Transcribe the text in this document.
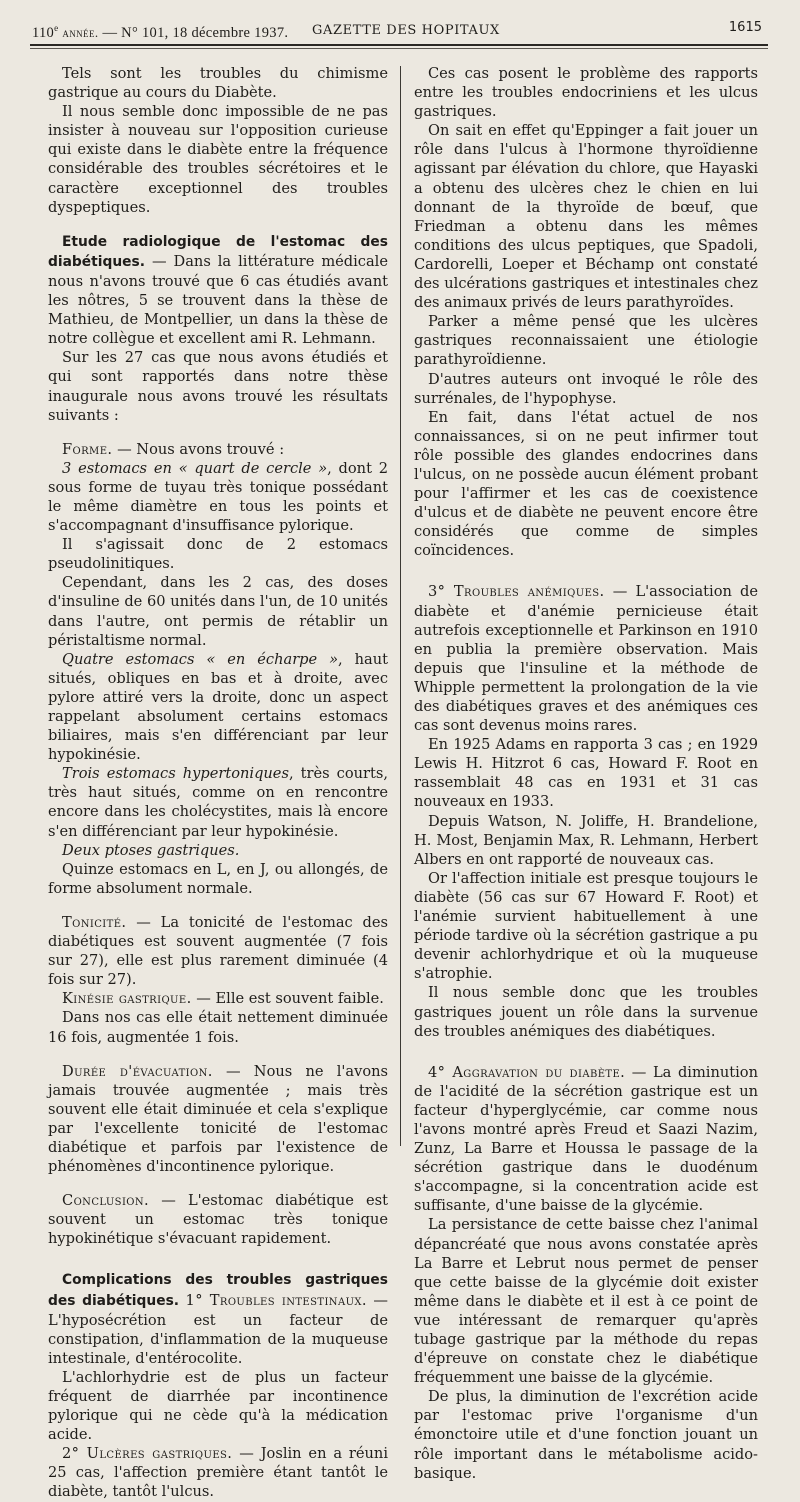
110e année. — N° 101, 18 décembre 1937. GAZETTE DES HOPITAUX	1615

Tels sont les troubles du chimisme gastrique au cours du Diabète.

Il nous semble donc impossible de ne pas insister à nouveau sur l'opposition curieuse qui existe dans le diabète entre la fréquence considérable des troubles sécrétoires et le caractère exceptionnel des troubles dyspeptiques.

Etude radiologique de l'estomac des diabétiques. — Dans la littérature médicale nous n'avons trouvé que 6 cas étudiés avant les nôtres, 5 se trouvent dans la thèse de Mathieu, de Montpellier, un dans la thèse de notre collègue et excellent ami R. Lehmann.

Sur les 27 cas que nous avons étudiés et qui sont rapportés dans notre thèse inaugurale nous avons trouvé les résultats suivants :

Forme. — Nous avons trouvé :

3 estomacs en « quart de cercle », dont 2 sous forme de tuyau très tonique possédant le même diamètre en tous les points et s'accompagnant d'insuffisance pylorique.

Il s'agissait donc de 2 estomacs pseudolinitiques.

Cependant, dans les 2 cas, des doses d'insuline de 60 unités dans l'un, de 10 unités dans l'autre, ont permis de rétablir un péristaltisme normal.

Quatre estomacs « en écharpe », haut situés, obliques en bas et à droite, avec pylore attiré vers la droite, donc un aspect rappelant absolument certains estomacs biliaires, mais s'en différenciant par leur hypokinésie.

Trois estomacs hypertoniques, très courts, très haut situés, comme on en rencontre encore dans les cholécystites, mais là encore s'en différenciant par leur hypokinésie.

Deux ptoses gastriques.

Quinze estomacs en L, en J, ou allongés, de forme absolument normale.

Tonicité. — La tonicité de l'estomac des diabétiques est souvent augmentée (7 fois sur 27), elle est plus rarement diminuée (4 fois sur 27).

Kinésie gastrique. — Elle est souvent faible.

Dans nos cas elle était nettement diminuée 16 fois, augmentée 1 fois.

Durée d'évacuation. — Nous ne l'avons jamais trouvée augmentée ; mais très souvent elle était diminuée et cela s'explique par l'excellente tonicité de l'estomac diabétique et parfois par l'existence de phénomènes d'incontinence pylorique.

Conclusion. — L'estomac diabétique est souvent un estomac très tonique hypokinétique s'évacuant rapidement.

Complications des troubles gastriques des diabétiques. 1° Troubles intestinaux. — L'hyposécrétion est un facteur de constipation, d'inflammation de la muqueuse intestinale, d'entérocolite.

L'achlorhydrie est de plus un facteur fréquent de diarrhée par incontinence pylorique qui ne cède qu'à la médication acide.

2° Ulcères gastriques. — Joslin en a réuni 25 cas, l'affection première étant tantôt le diabète, tantôt l'ulcus.

Ces cas posent le problème des rapports entre les troubles endocriniens et les ulcus gastriques.

On sait en effet qu'Eppinger a fait jouer un rôle dans l'ulcus à l'hormone thyroïdienne agissant par élévation du chlore, que Hayaski a obtenu des ulcères chez le chien en lui donnant de la thyroïde de bœuf, que Friedman a obtenu dans les mêmes conditions des ulcus peptiques, que Spadoli, Cardorelli, Loeper et Béchamp ont constaté des ulcérations gastriques et intestinales chez des animaux privés de leurs parathyroïdes.

Parker a même pensé que les ulcères gastriques reconnaissaient une étiologie parathyroïdienne.

D'autres auteurs ont invoqué le rôle des surrénales, de l'hypophyse.

En fait, dans l'état actuel de nos connaissances, si on ne peut infirmer tout rôle possible des glandes endocrines dans l'ulcus, on ne possède aucun élément probant pour l'affirmer et les cas de coexistence d'ulcus et de diabète ne peuvent encore être considérés que comme de simples coïncidences.

3° Troubles anémiques. — L'association de diabète et d'anémie pernicieuse était autrefois exceptionnelle et Parkinson en 1910 en publia la première observation. Mais depuis que l'insuline et la méthode de Whipple permettent la prolongation de la vie des diabétiques graves et des anémiques ces cas sont devenus moins rares.

En 1925 Adams en rapporta 3 cas ; en 1929 Lewis H. Hitzrot 6 cas, Howard F. Root en rassemblait 48 cas en 1931 et 31 cas nouveaux en 1933.

Depuis Watson, N. Joliffe, H. Brandelione, H. Most, Benjamin Max, R. Lehmann, Herbert Albers en ont rapporté de nouveaux cas.

Or l'affection initiale est presque toujours le diabète (56 cas sur 67 Howard F. Root) et l'anémie survient habituellement à une période tardive où la sécrétion gastrique a pu devenir achlorhydrique et où la muqueuse s'atrophie.

Il nous semble donc que les troubles gastriques jouent un rôle dans la survenue des troubles anémiques des diabétiques.

4° Aggravation du diabète. — La diminution de l'acidité de la sécrétion gastrique est un facteur d'hyperglycémie, car comme nous l'avons montré après Freud et Saazi Nazim, Zunz, La Barre et Houssa le passage de la sécrétion gastrique dans le duodénum s'accompagne, si la concentration acide est suffisante, d'une baisse de la glycémie.

La persistance de cette baisse chez l'animal dépancréaté que nous avons constatée après La Barre et Lebrut nous permet de penser que cette baisse de la glycémie doit exister même dans le diabète et il est à ce point de vue intéressant de remarquer qu'après tubage gastrique par la méthode du repas d'épreuve on constate chez le diabétique fréquemment une baisse de la glycémie.

De plus, la diminution de l'excrétion acide par l'estomac prive l'organisme d'un émonctoire utile et d'une fonction jouant un rôle important dans le métabolisme acido-basique.
